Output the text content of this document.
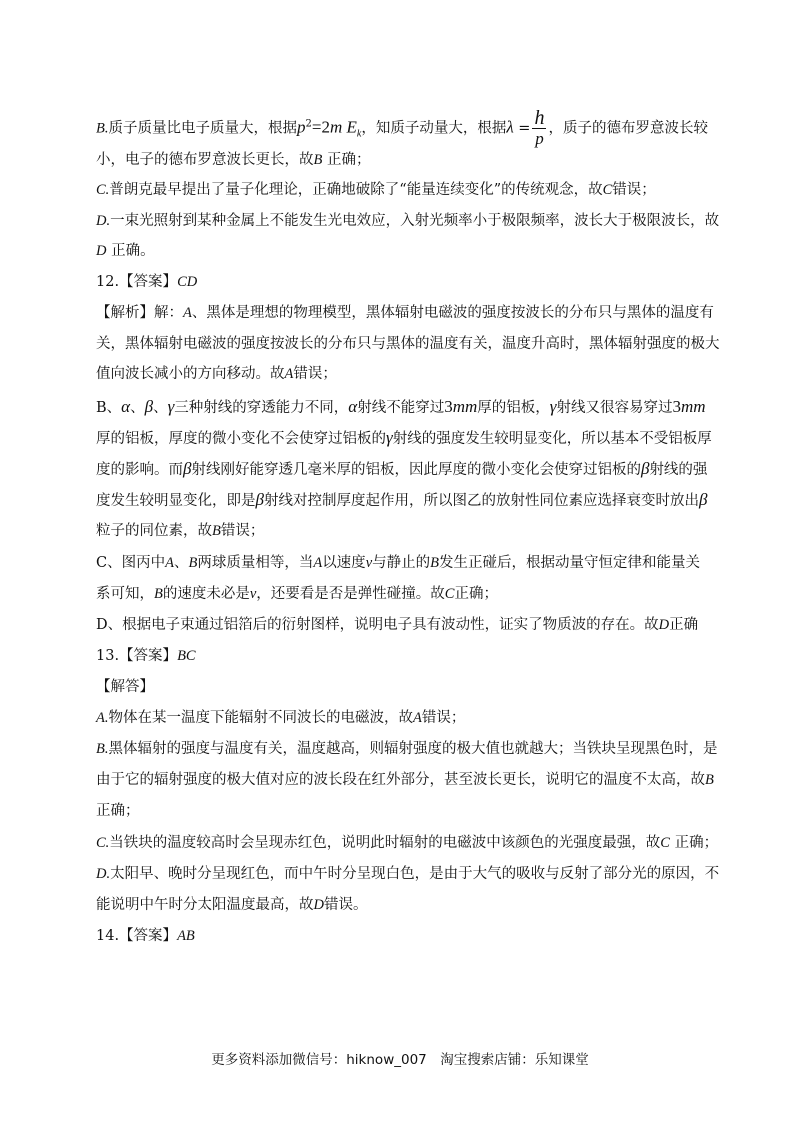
B.质子质量比电子质量大，根据$p^2=2m$ $E_k$，知质子动量大，根据$\lambda = \frac{h}{p}$ ，质子的德布罗意波长较
小，电子的德布罗意波长更长，故B 正确；
C.普朗克最早提出了量子化理论，正确地破除了“能量连续变化”的传统观念，故C错误；
D.一束光照射到某种金属上不能发生光电效应，入射光频率小于极限频率，波长大于极限波长，故
D 正确。
12.【答案】CD
【解析】解：A、黑体是理想的物理模型，黑体辐射电磁波的强度按波长的分布只与黑体的温度有
关，黑体辐射电磁波的强度按波长的分布只与黑体的温度有关，温度升高时，黑体辐射强度的极大
值向波长减小的方向移动。故A错误；
B、α、β、γ三种射线的穿透能力不同，α射线不能穿过3mm厚的铝板，γ射线又很容易穿过3mm
厚的铝板，厚度的微小变化不会使穿过铝板的γ射线的强度发生较明显变化，所以基本不受铝板厚
度的影响。而β射线刚好能穿透几毫米厚的铝板，因此厚度的微小变化会使穿过铝板的β射线的强
度发生较明显变化，即是β射线对控制厚度起作用，所以图乙的放射性同位素应选择衰变时放出β
粒子的同位素，故B错误；
C、图丙中A、B两球质量相等，当A以速度v与静止的B发生正碰后，根据动量守恒定律和能量关
系可知，B的速度未必是v，还要看是否是弹性碰撞。故C正确；
D、根据电子束通过铝箔后的衍射图样，说明电子具有波动性，证实了物质波的存在。故D正确
13.【答案】BC
【解答】
A.物体在某一温度下能辐射不同波长的电磁波，故A错误；
B.黑体辐射的强度与温度有关，温度越高，则辐射强度的极大值也就越大；当铁块呈现黑色时，是
由于它的辐射强度的极大值对应的波长段在红外部分，甚至波长更长，说明它的温度不太高，故B
正确；
C.当铁块的温度较高时会呈现赤红色，说明此时辐射的电磁波中该颜色的光强度最强，故C 正确；
D.太阳早、晚时分呈现红色，而中午时分呈现白色，是由于大气的吸收与反射了部分光的原因，不
能说明中午时分太阳温度最高，故D错误。
14.【答案】AB
更多资料添加微信号：hiknow_007　淘宝搜索店铺：乐知课堂
